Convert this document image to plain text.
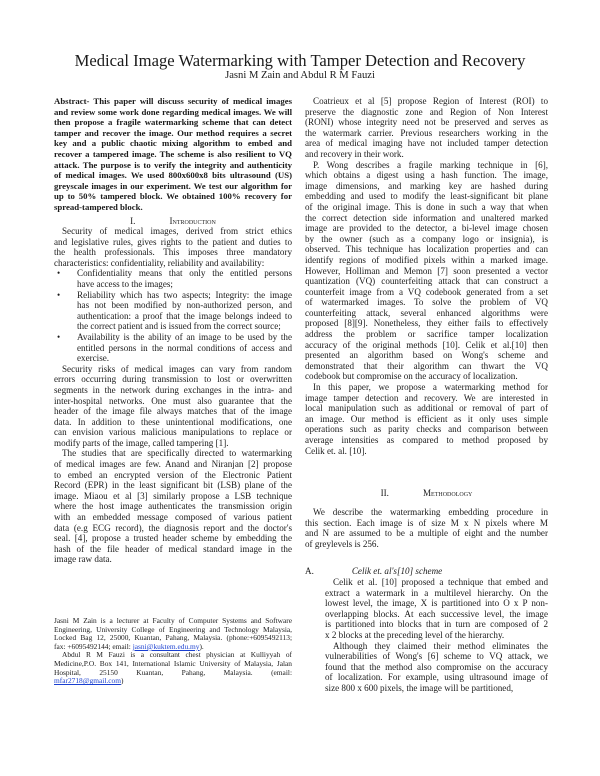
Medical Image Watermarking with Tamper Detection and Recovery
Jasni M Zain and Abdul R M Fauzi
Abstract- This paper will discuss security of medical images
and review some work done regarding medical images. We will
then propose a fragile watermarking scheme that can detect
tamper and recover the image. Our method requires a secret
key and a public chaotic mixing algorithm to embed and
recover a tampered image. The scheme is also resilient to VQ
attack. The purpose is to verify the integrity and authenticity
of medical images. We used 800x600x8 bits ultrasound (US)
greyscale images in our experiment. We test our algorithm for
up to 50% tampered block. We obtained 100% recovery for
spread-tampered block.
I.	Introduction
Security of medical images, derived from strict ethics
and legislative rules, gives rights to the patient and duties to
the health professionals. This imposes three mandatory
characteristics: confidentiality, reliability and availability:
•	Confidentiality means that only the entitled persons
have access to the images;
•	Reliability which has two aspects; Integrity: the image
has not been modified by non-authorized person, and
authentication: a proof that the image belongs indeed to
the correct patient and is issued from the correct source;
•	Availability is the ability of an image to be used by the
entitled persons in the normal conditions of access and
exercise.
Security risks of medical images can vary from random
errors occurring during transmission to lost or overwritten
segments in the network during exchanges in the intra- and
inter-hospital networks. One must also guarantee that the
header of the image file always matches that of the image
data. In addition to these unintentional modifications, one
can envision various malicious manipulations to replace or
modify parts of the image, called tampering [1].
The studies that are specifically directed to watermarking
of medical images are few. Anand and Niranjan [2] propose
to embed an encrypted version of the Electronic Patient
Record (EPR) in the least significant bit (LSB) plane of the
image. Miaou et al [3] similarly propose a LSB technique
where the host image authenticates the transmission origin
with an embedded message composed of various patient
data (e.g ECG record), the diagnosis report and the doctor's
seal. [4], propose a trusted header scheme by embedding the
hash of the file header of medical standard image in the
image raw data.
Jasni M Zain is a lecturer at Faculty of Computer Systems and Software
Engineering, University College of Engineering and Technology Malaysia,
Locked Bag 12, 25000, Kuantan, Pahang, Malaysia. (phone:+6095492113;
fax: +6095492144; email: jasni@kuktem.edu.my).
Abdul R M Fauzi is a consultant chest physician at Kulliyyah of
Medicine,P.O. Box 141, International Islamic University of Malaysia, Jalan
Hospital, 25150 Kuantan, Pahang, Malaysia. (email:
mfar2718@gmail.com)
Coatrieux et al [5] propose Region of Interest (ROI) to
preserve the diagnostic zone and Region of Non Interest
(RONI) whose integrity need not be preserved and serves as
the watermark carrier. Previous researchers working in the
area of medical imaging have not included tamper detection
and recovery in their work.
P. Wong describes a fragile marking technique in [6],
which obtains a digest using a hash function. The image,
image dimensions, and marking key are hashed during
embedding and used to modify the least-significant bit plane
of the original image. This is done in such a way that when
the correct detection side information and unaltered marked
image are provided to the detector, a bi-level image chosen
by the owner (such as a company logo or insignia), is
observed. This technique has localization properties and can
identify regions of modified pixels within a marked image.
However, Holliman and Memon [7] soon presented a vector
quantization (VQ) counterfeiting attack that can construct a
counterfeit image from a VQ codebook generated from a set
of watermarked images. To solve the problem of VQ
counterfeiting attack, several enhanced algorithms were
proposed [8][9]. Nonetheless, they either fails to effectively
address the problem or sacrifice tamper localization
accuracy of the original methods [10]. Celik et al.[10] then
presented an algorithm based on Wong's scheme and
demonstrated that their algorithm can thwart the VQ
codebook but compromise on the accuracy of localization.
In this paper, we propose a watermarking method for
image tamper detection and recovery. We are interested in
local manipulation such as additional or removal of part of
an image. Our method is efficient as it only uses simple
operations such as parity checks and comparison between
average intensities as compared to method proposed by
Celik et. al. [10].
II.	Methodology
We describe the watermarking embedding procedure in
this section. Each image is of size M x N pixels where M
and N are assumed to be a multiple of eight and the number
of greylevels is 256.
A.	Celik et. al's[10] scheme
Celik et al. [10] proposed a technique that embed and
extract a watermark in a multilevel hierarchy. On the
lowest level, the image, X is partitioned into O x P non-
overlapping blocks. At each successive level, the image
is partitioned into blocks that in turn are composed of 2
x 2 blocks at the preceding level of the hierarchy.
Although they claimed their method eliminates the
vulnerabilities of Wong's [6] scheme to VQ attack, we
found that the method also compromise on the accuracy
of localization. For example, using ultrasound image of
size 800 x 600 pixels, the image will be partitioned,
